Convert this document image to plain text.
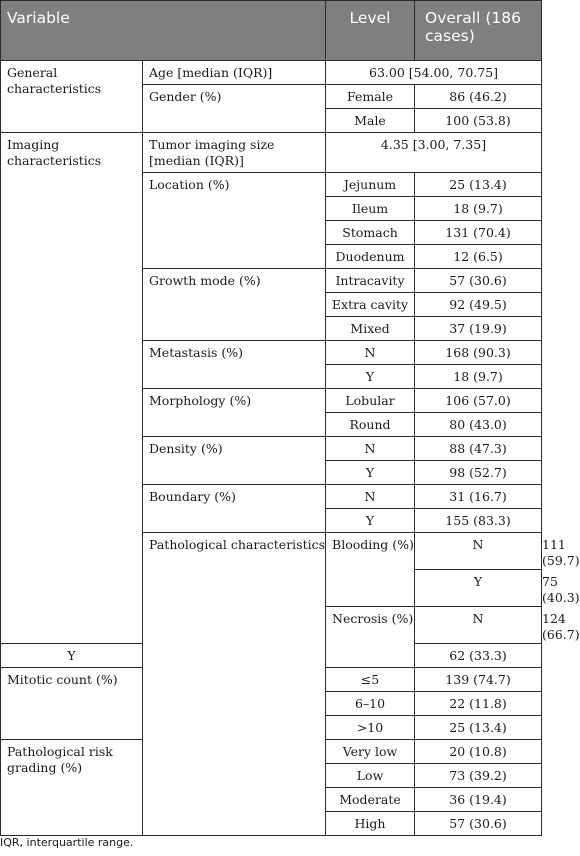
Variable		Level	Overall (186 cases)	
General characteristics	Age [median (IQR)]	63.00 [54.00, 70.75]		
	Gender (%)	Female	86 (46.2)	
		Male	100 (53.8)	
Imaging characteristics	Tumor imaging size [median (IQR)]	4.35 [3.00, 7.35]		
	Location (%)	Jejunum	25 (13.4)	
		Ileum	18 (9.7)	
		Stomach	131 (70.4)	
		Duodenum	12 (6.5)	
	Growth mode (%)	Intracavity	57 (30.6)	
		Extra cavity	92 (49.5)	
		Mixed	37 (19.9)	
	Metastasis (%)	N	168 (90.3)	
		Y	18 (9.7)	
	Morphology (%)	Lobular	106 (57.0)	
		Round	80 (43.0)	
	Density (%)	N	88 (47.3)	
		Y	98 (52.7)	
	Boundary (%)	N	31 (16.7)	
		Y	155 (83.3)	
	Pathological characteristics	Blooding (%)	N	111 (59.7)
			Y	75 (40.3)
		Necrosis (%)	N	124 (66.7)
Y			62 (33.3)	
Mitotic count (%)		≤5	139 (74.7)	
		6–10	22 (11.8)	
		>10	25 (13.4)	
Pathological risk grading (%)		Very low	20 (10.8)	
		Low	73 (39.2)	
		Moderate	36 (19.4)	
		High	57 (30.6)	
IQR, interquartile range.
